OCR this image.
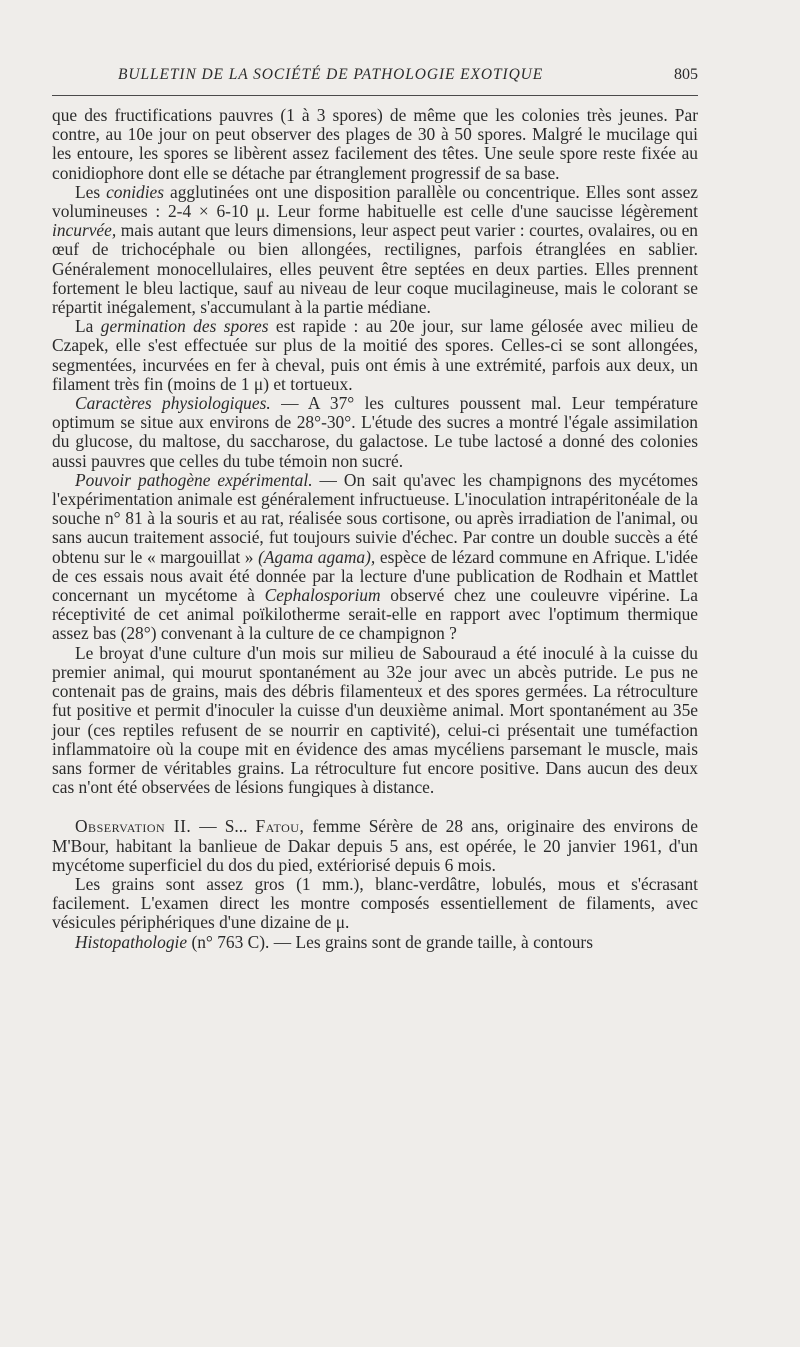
BULLETIN DE LA SOCIÉTÉ DE PATHOLOGIE EXOTIQUE	805

que des fructifications pauvres (1 à 3 spores) de même que les colonies très jeunes. Par contre, au 10e jour on peut observer des plages de 30 à 50 spores. Malgré le mucilage qui les entoure, les spores se libèrent assez facilement des têtes. Une seule spore reste fixée au conidiophore dont elle se détache par étranglement progressif de sa base.

Les conidies agglutinées ont une disposition parallèle ou concentrique. Elles sont assez volumineuses : 2-4 × 6-10 μ. Leur forme habituelle est celle d'une saucisse légèrement incurvée, mais autant que leurs dimensions, leur aspect peut varier : courtes, ovalaires, ou en œuf de trichocéphale ou bien allongées, rectilignes, parfois étranglées en sablier. Généralement monocellulaires, elles peuvent être septées en deux parties. Elles prennent fortement le bleu lactique, sauf au niveau de leur coque mucilagineuse, mais le colorant se répartit inégalement, s'accumulant à la partie médiane.

La germination des spores est rapide : au 20e jour, sur lame gélosée avec milieu de Czapek, elle s'est effectuée sur plus de la moitié des spores. Celles-ci se sont allongées, segmentées, incurvées en fer à cheval, puis ont émis à une extrémité, parfois aux deux, un filament très fin (moins de 1 μ) et tortueux.

Caractères physiologiques. — A 37° les cultures poussent mal. Leur température optimum se situe aux environs de 28°-30°. L'étude des sucres a montré l'égale assimilation du glucose, du maltose, du saccharose, du galactose. Le tube lactosé a donné des colonies aussi pauvres que celles du tube témoin non sucré.

Pouvoir pathogène expérimental. — On sait qu'avec les champignons des mycétomes l'expérimentation animale est généralement infructueuse. L'inoculation intrapéritonéale de la souche n° 81 à la souris et au rat, réalisée sous cortisone, ou après irradiation de l'animal, ou sans aucun traitement associé, fut toujours suivie d'échec. Par contre un double succès a été obtenu sur le « margouillat » (Agama agama), espèce de lézard commune en Afrique. L'idée de ces essais nous avait été donnée par la lecture d'une publication de Rodhain et Mattlet concernant un mycétome à Cephalosporium observé chez une couleuvre vipérine. La réceptivité de cet animal poïkilotherme serait-elle en rapport avec l'optimum thermique assez bas (28°) convenant à la culture de ce champignon ?

Le broyat d'une culture d'un mois sur milieu de Sabouraud a été inoculé à la cuisse du premier animal, qui mourut spontanément au 32e jour avec un abcès putride. Le pus ne contenait pas de grains, mais des débris filamenteux et des spores germées. La rétroculture fut positive et permit d'inoculer la cuisse d'un deuxième animal. Mort spontanément au 35e jour (ces reptiles refusent de se nourrir en captivité), celui-ci présentait une tuméfaction inflammatoire où la coupe mit en évidence des amas mycéliens parsemant le muscle, mais sans former de véritables grains. La rétroculture fut encore positive. Dans aucun des deux cas n'ont été observées de lésions fungiques à distance.

Observation II. — S... Fatou, femme Sérère de 28 ans, originaire des environs de M'Bour, habitant la banlieue de Dakar depuis 5 ans, est opérée, le 20 janvier 1961, d'un mycétome superficiel du dos du pied, extériorisé depuis 6 mois.

Les grains sont assez gros (1 mm.), blanc-verdâtre, lobulés, mous et s'écrasant facilement. L'examen direct les montre composés essentiellement de filaments, avec vésicules périphériques d'une dizaine de μ.

Histopathologie (n° 763 C). — Les grains sont de grande taille, à contours
